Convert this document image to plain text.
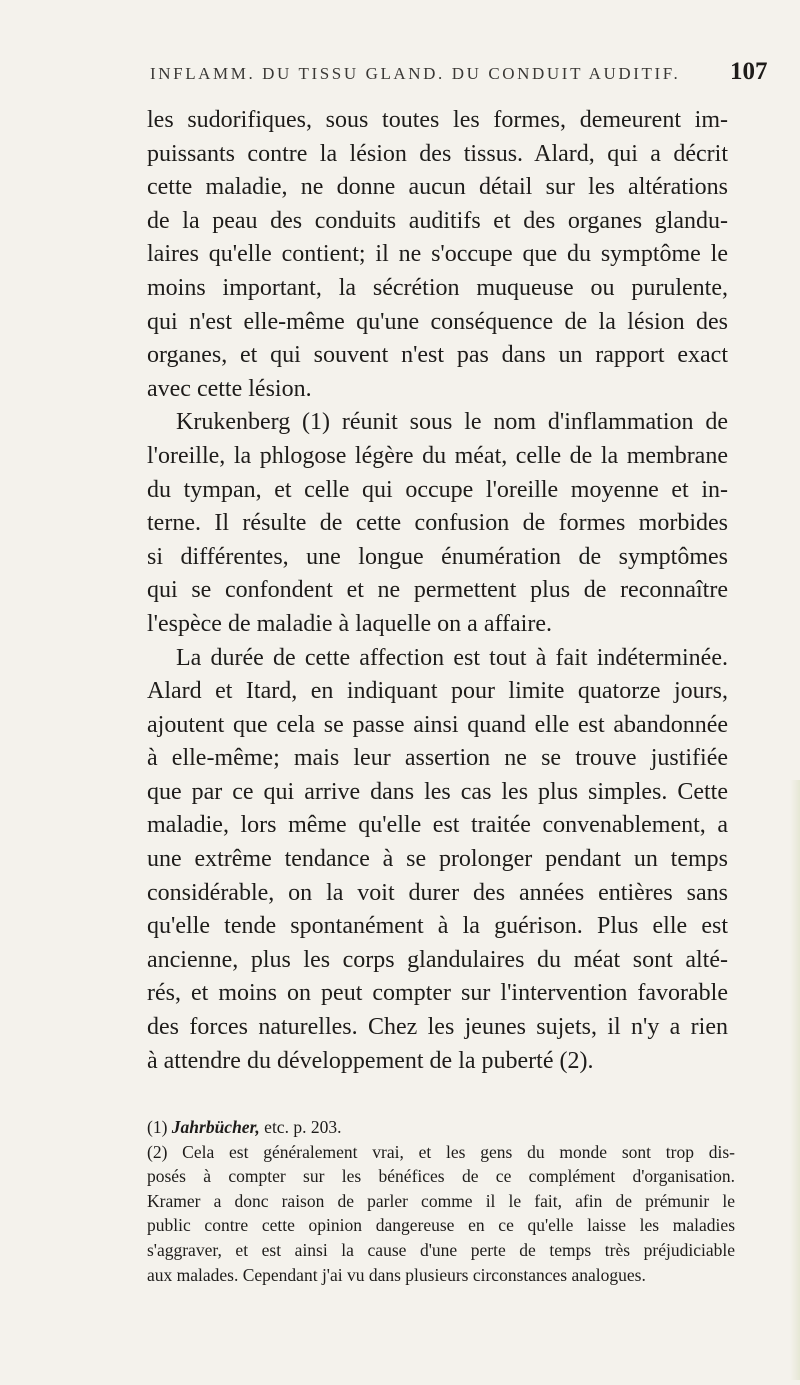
INFLAMM. DU TISSU GLAND. DU CONDUIT AUDITIF. 107
les sudorifiques, sous toutes les formes, demeurent im-
puissants contre la lésion des tissus. Alard, qui a décrit
cette maladie, ne donne aucun détail sur les altérations
de la peau des conduits auditifs et des organes glandu-
laires qu'elle contient; il ne s'occupe que du symptôme le
moins important, la sécrétion muqueuse ou purulente,
qui n'est elle-même qu'une conséquence de la lésion des
organes, et qui souvent n'est pas dans un rapport exact
avec cette lésion.
Krukenberg (1) réunit sous le nom d'inflammation de
l'oreille, la phlogose légère du méat, celle de la membrane
du tympan, et celle qui occupe l'oreille moyenne et in-
terne. Il résulte de cette confusion de formes morbides
si différentes, une longue énumération de symptômes
qui se confondent et ne permettent plus de reconnaître
l'espèce de maladie à laquelle on a affaire.
La durée de cette affection est tout à fait indéterminée.
Alard et Itard, en indiquant pour limite quatorze jours,
ajoutent que cela se passe ainsi quand elle est abandonnée
à elle-même; mais leur assertion ne se trouve justifiée
que par ce qui arrive dans les cas les plus simples. Cette
maladie, lors même qu'elle est traitée convenablement, a
une extrême tendance à se prolonger pendant un temps
considérable, on la voit durer des années entières sans
qu'elle tende spontanément à la guérison. Plus elle est
ancienne, plus les corps glandulaires du méat sont alté-
rés, et moins on peut compter sur l'intervention favorable
des forces naturelles. Chez les jeunes sujets, il n'y a rien
à attendre du développement de la puberté (2).
(1) Jahrbücher, etc. p. 203.
(2) Cela est généralement vrai, et les gens du monde sont trop dis-
posés à compter sur les bénéfices de ce complément d'organisation.
Kramer a donc raison de parler comme il le fait, afin de prémunir le
public contre cette opinion dangereuse en ce qu'elle laisse les maladies
s'aggraver, et est ainsi la cause d'une perte de temps très préjudiciable
aux malades. Cependant j'ai vu dans plusieurs circonstances analogues.
